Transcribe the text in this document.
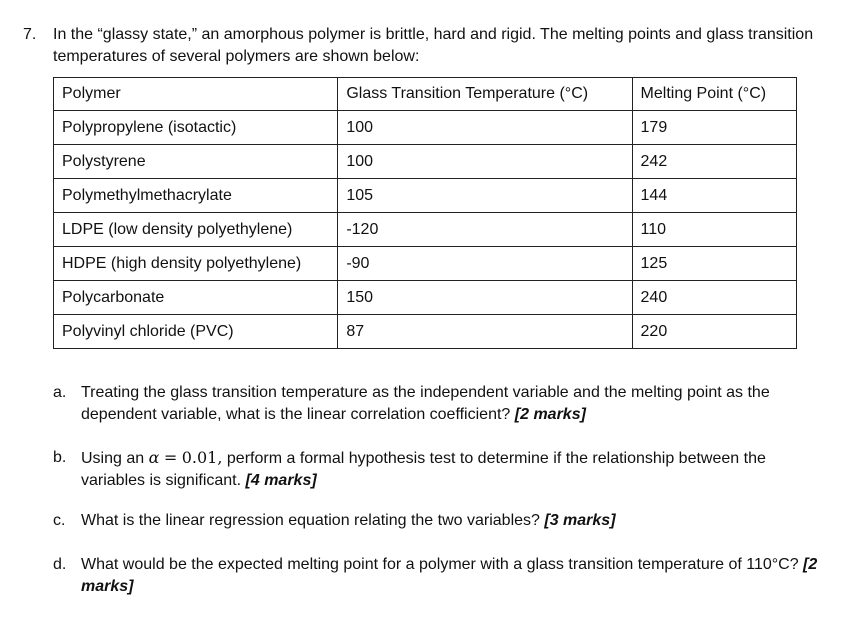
7. In the “glassy state,” an amorphous polymer is brittle, hard and rigid. The melting points and glass transition temperatures of several polymers are shown below:
Polymer	Glass Transition Temperature (°C)	Melting Point (°C)
Polypropylene (isotactic)	100	179
Polystyrene	100	242
Polymethylmethacrylate	105	144
LDPE (low density polyethylene)	-120	110
HDPE (high density polyethylene)	-90	125
Polycarbonate	150	240
Polyvinyl chloride (PVC)	87	220
a. Treating the glass transition temperature as the independent variable and the melting point as the dependent variable, what is the linear correlation coefficient? [2 marks]
b. Using an α = 0.01, perform a formal hypothesis test to determine if the relationship between the variables is significant. [4 marks]
c. What is the linear regression equation relating the two variables? [3 marks]
d. What would be the expected melting point for a polymer with a glass transition temperature of 110°C? [2 marks]
